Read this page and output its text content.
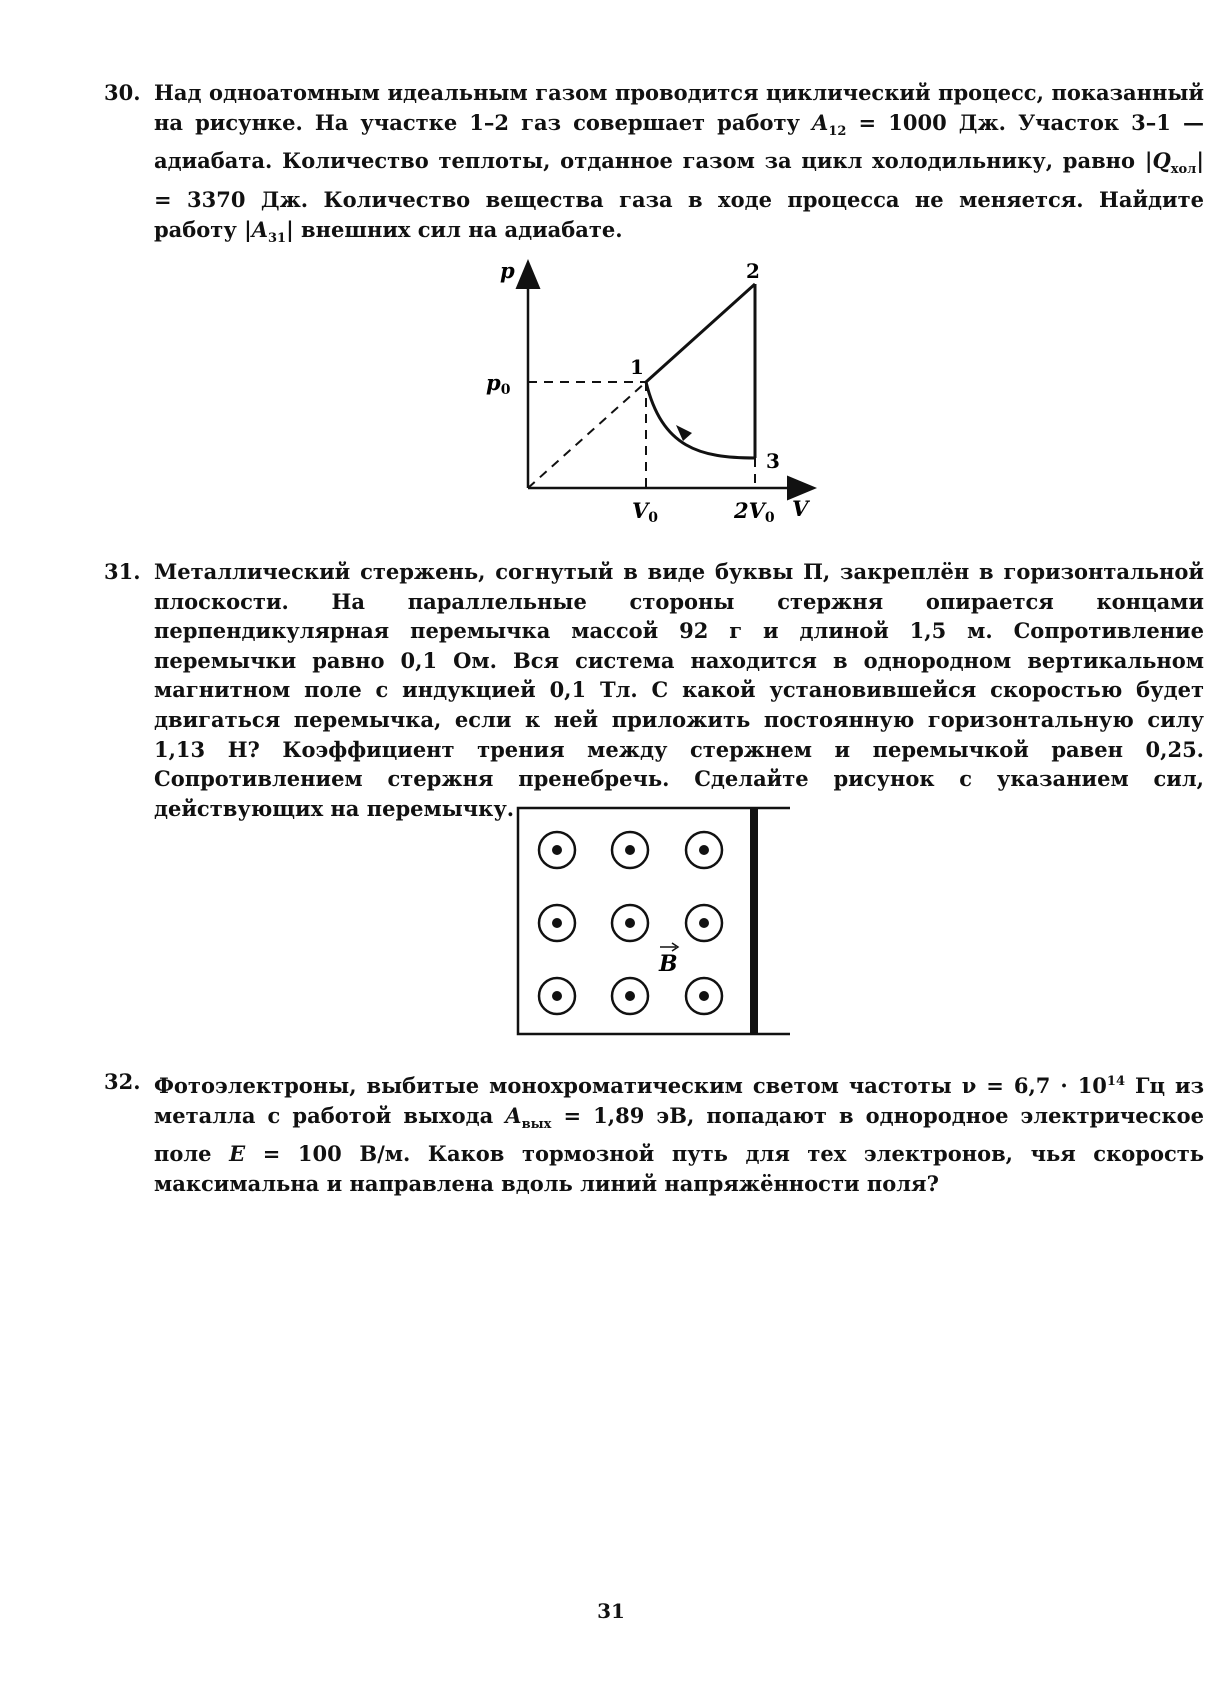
30. Над одноатомным идеальным газом проводится циклический процесс, показанный на рисунке. На участке 1–2 газ совершает работу $A_{12} = 1000$ Дж. Участок 3–1 — адиабата. Количество теплоты, отданное газом за цикл холодильнику, равно $|Q_{хол}| = 3370$ Дж. Количество вещества газа в ходе процесса не меняется. Найдите работу $|A_{31}|$ внешних сил на адиабате.
p
V
p0
V0	2V0
1
2
3
31. Металлический стержень, согнутый в виде буквы П, закреплён в горизонтальной плоскости. На параллельные стороны стержня опирается концами перпендикулярная перемычка массой 92 г и длиной 1,5 м. Сопротивление перемычки равно 0,1 Ом. Вся система находится в однородном вертикальном магнитном поле с индукцией 0,1 Тл. С какой установившейся скоростью будет двигаться перемычка, если к ней приложить постоянную горизонтальную силу 1,13 Н? Коэффициент трения между стержнем и перемычкой равен 0,25. Сопротивлением стержня пренебречь. Сделайте рисунок с указанием сил, действующих на перемычку.
B
32. Фотоэлектроны, выбитые монохроматическим светом частоты $\nu = 6,7 \cdot 10^{14}$ Гц из металла с работой выхода $A_{вых} = 1,89$ эВ, попадают в однородное электрическое поле E = 100 В/м. Каков тормозной путь для тех электронов, чья скорость максимальна и направлена вдоль линий напряжённости поля?
31
